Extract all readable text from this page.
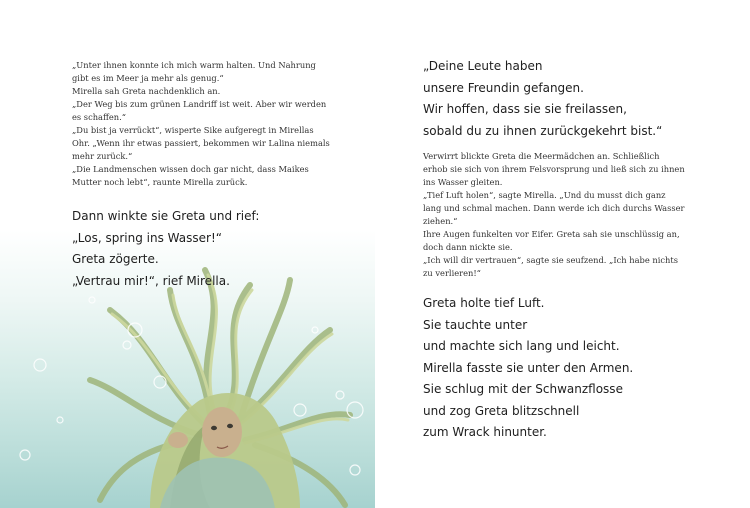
„Unter ihnen konnte ich mich warm halten. Und Nahrung gibt es im Meer ja mehr als genug.“

Mirella sah Greta nachdenklich an.

„Der Weg bis zum grünen Landriff ist weit. Aber wir werden es schaffen.“

„Du bist ja verrückt“, wisperte Sike aufgeregt in Mirellas Ohr. „Wenn ihr etwas passiert, bekommen wir Lalina niemals mehr zurück.“

„Die Landmenschen wissen doch gar nicht, dass Maikes Mutter noch lebt“, raunte Mirella zurück.

Dann winkte sie Greta und rief:

„Los, spring ins Wasser!“

Greta zögerte.

„Vertrau mir!“, rief Mirella.

„Deine Leute haben

unsere Freundin gefangen.

Wir hoffen, dass sie sie freilassen,

sobald du zu ihnen zurückgekehrt bist.“

Verwirrt blickte Greta die Meermädchen an. Schließlich erhob sie sich von ihrem Felsvorsprung und ließ sich zu ihnen ins Wasser gleiten.

„Tief Luft holen“, sagte Mirella. „Und du musst dich ganz lang und schmal machen. Dann werde ich dich durchs Wasser ziehen.“

Ihre Augen funkelten vor Eifer. Greta sah sie unschlüssig an, doch dann nickte sie.

„Ich will dir vertrauen“, sagte sie seufzend. „Ich habe nichts zu verlieren!“

Greta holte tief Luft.

Sie tauchte unter

und machte sich lang und leicht.

Mirella fasste sie unter den Armen.

Sie schlug mit der Schwanzflosse

und zog Greta blitzschnell

zum Wrack hinunter.
